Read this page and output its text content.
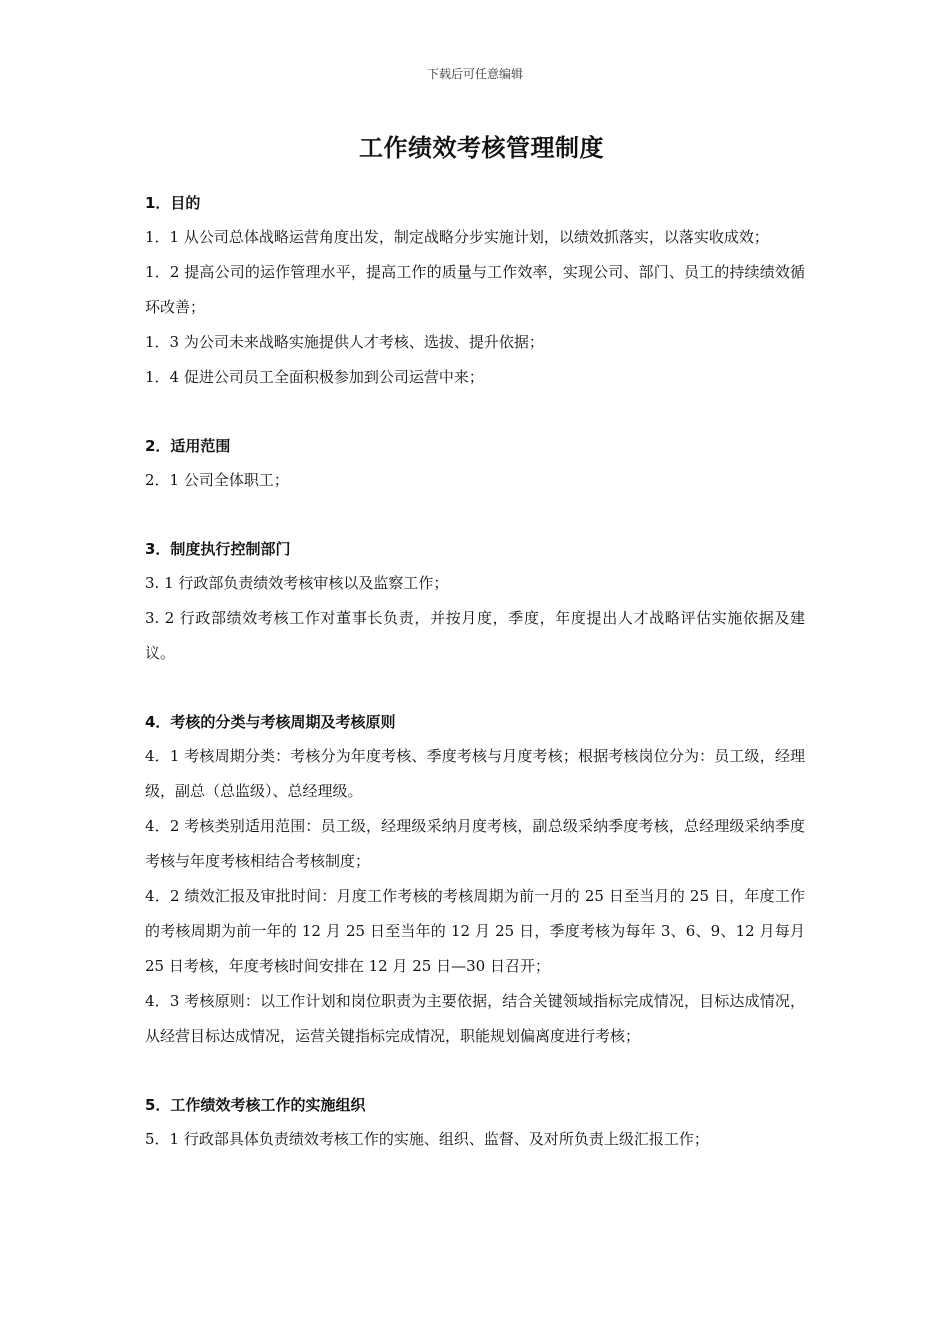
下载后可任意编辑
工作绩效考核管理制度
1．目的
1．1 从公司总体战略运营角度出发，制定战略分步实施计划，以绩效抓落实，以落实收成效；
1．2 提高公司的运作管理水平，提高工作的质量与工作效率，实现公司、部门、员工的持续绩效循环改善；
1．3 为公司未来战略实施提供人才考核、选拔、提升依据；
1．4 促进公司员工全面积极参加到公司运营中来；
2．适用范围
2．1 公司全体职工；
3．制度执行控制部门
3. 1 行政部负责绩效考核审核以及监察工作；
3. 2 行政部绩效考核工作对董事长负责，并按月度，季度，年度提出人才战略评估实施依据及建议。
4．考核的分类与考核周期及考核原则
4．1 考核周期分类：考核分为年度考核、季度考核与月度考核；根据考核岗位分为：员工级，经理级，副总（总监级）、总经理级。
4．2 考核类别适用范围：员工级，经理级采纳月度考核，副总级采纳季度考核，总经理级采纳季度考核与年度考核相结合考核制度；
4．2 绩效汇报及审批时间：月度工作考核的考核周期为前一月的 25 日至当月的 25 日，年度工作的考核周期为前一年的 12 月 25 日至当年的 12 月 25 日，季度考核为每年 3、6、9、12 月每月 25 日考核，年度考核时间安排在 12 月 25 日—30 日召开；
4．3 考核原则：以工作计划和岗位职责为主要依据，结合关键领域指标完成情况，目标达成情况，从经营目标达成情况，运营关键指标完成情况，职能规划偏离度进行考核；
5．工作绩效考核工作的实施组织
5．1 行政部具体负责绩效考核工作的实施、组织、监督、及对所负责上级汇报工作；
